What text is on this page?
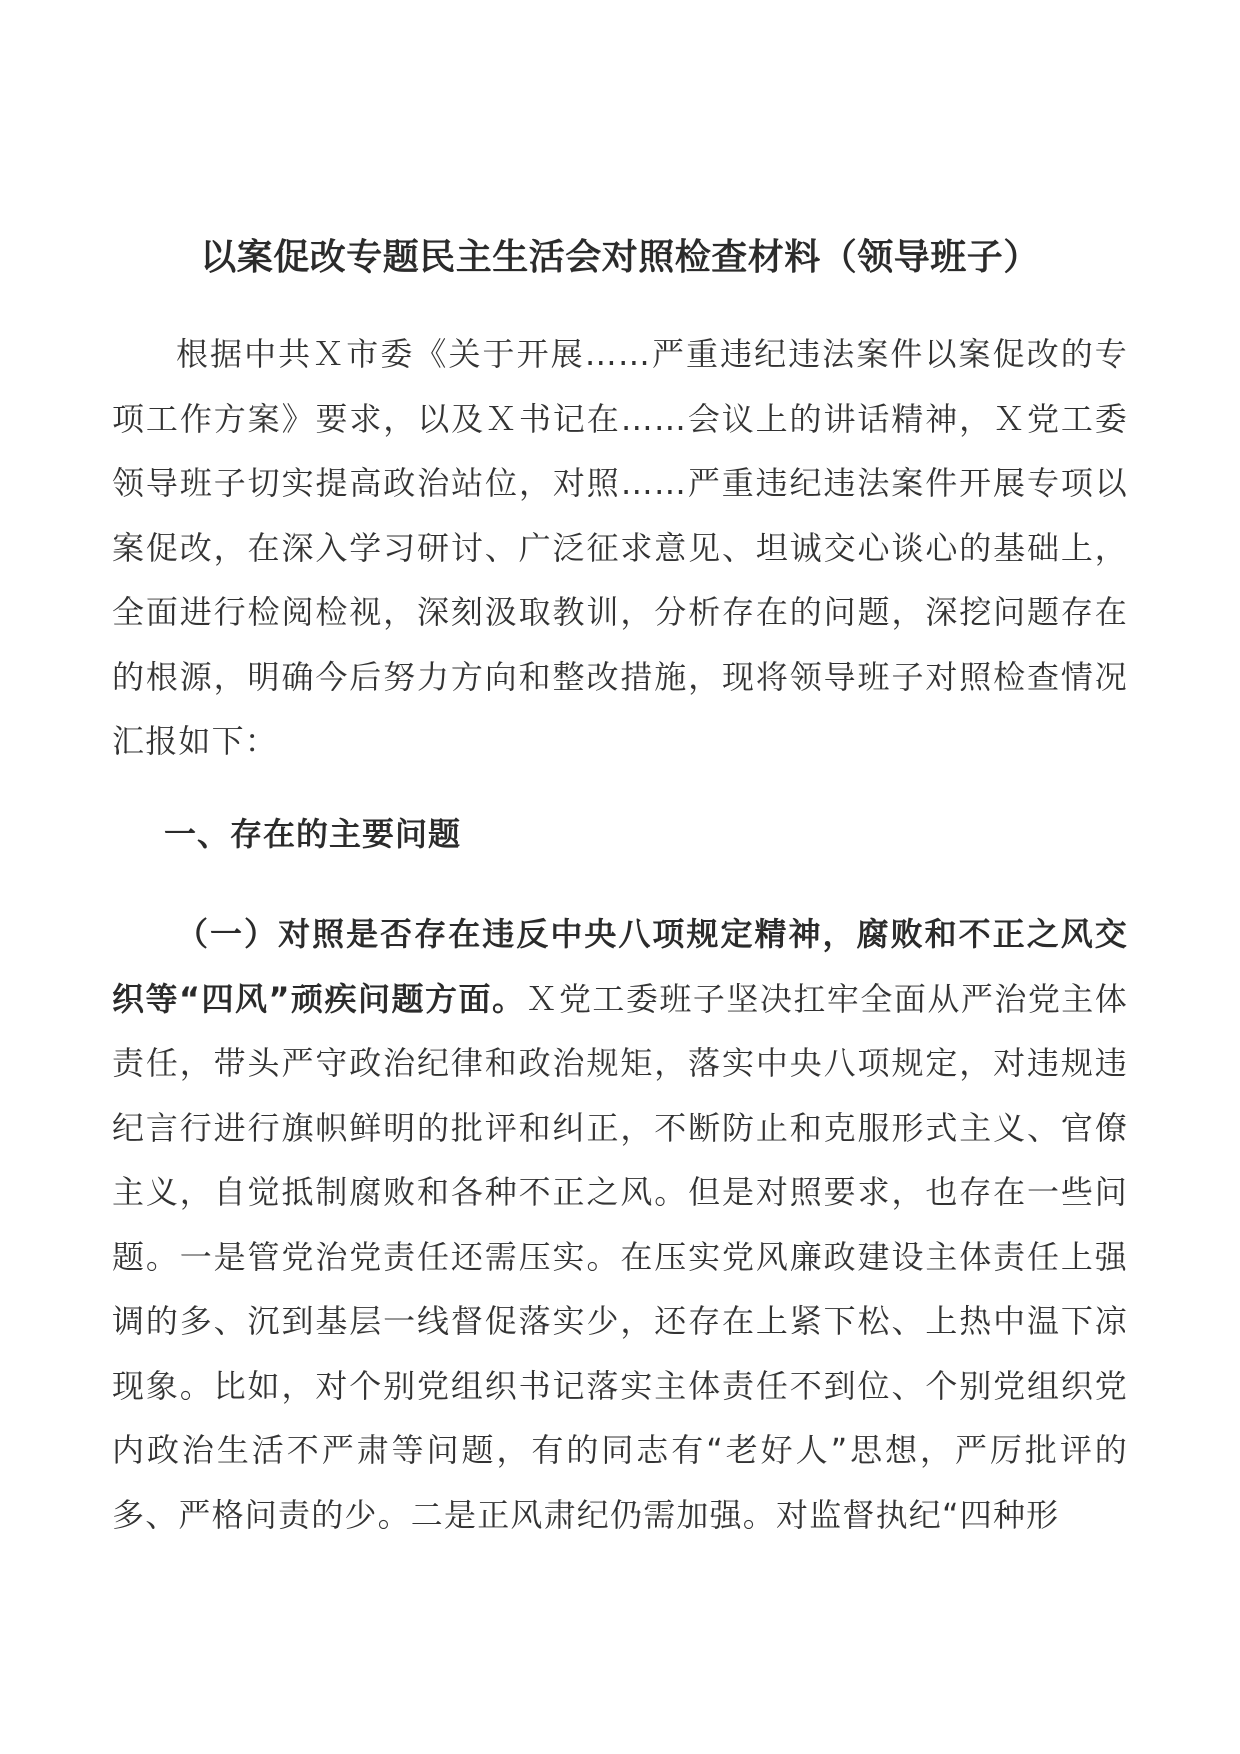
以案促改专题民主生活会对照检查材料（领导班子）

根据中共Ｘ市委《关于开展……严重违纪违法案件以案促改的专项工作方案》要求，以及Ｘ书记在……会议上的讲话精神，Ｘ党工委领导班子切实提高政治站位，对照……严重违纪违法案件开展专项以案促改，在深入学习研讨、广泛征求意见、坦诚交心谈心的基础上，全面进行检阅检视，深刻汲取教训，分析存在的问题，深挖问题存在的根源，明确今后努力方向和整改措施，现将领导班子对照检查情况汇报如下：

一、存在的主要问题

（一）对照是否存在违反中央八项规定精神，腐败和不正之风交织等“四风”顽疾问题方面。Ｘ党工委班子坚决扛牢全面从严治党主体责任，带头严守政治纪律和政治规矩，落实中央八项规定，对违规违纪言行进行旗帜鲜明的批评和纠正，不断防止和克服形式主义、官僚主义，自觉抵制腐败和各种不正之风。但是对照要求，也存在一些问题。一是管党治党责任还需压实。在压实党风廉政建设主体责任上强调的多、沉到基层一线督促落实少，还存在上紧下松、上热中温下凉现象。比如，对个别党组织书记落实主体责任不到位、个别党组织党内政治生活不严肃等问题，有的同志有“老好人”思想，严厉批评的多、严格问责的少。二是正风肃纪仍需加强。对监督执纪“四种形
